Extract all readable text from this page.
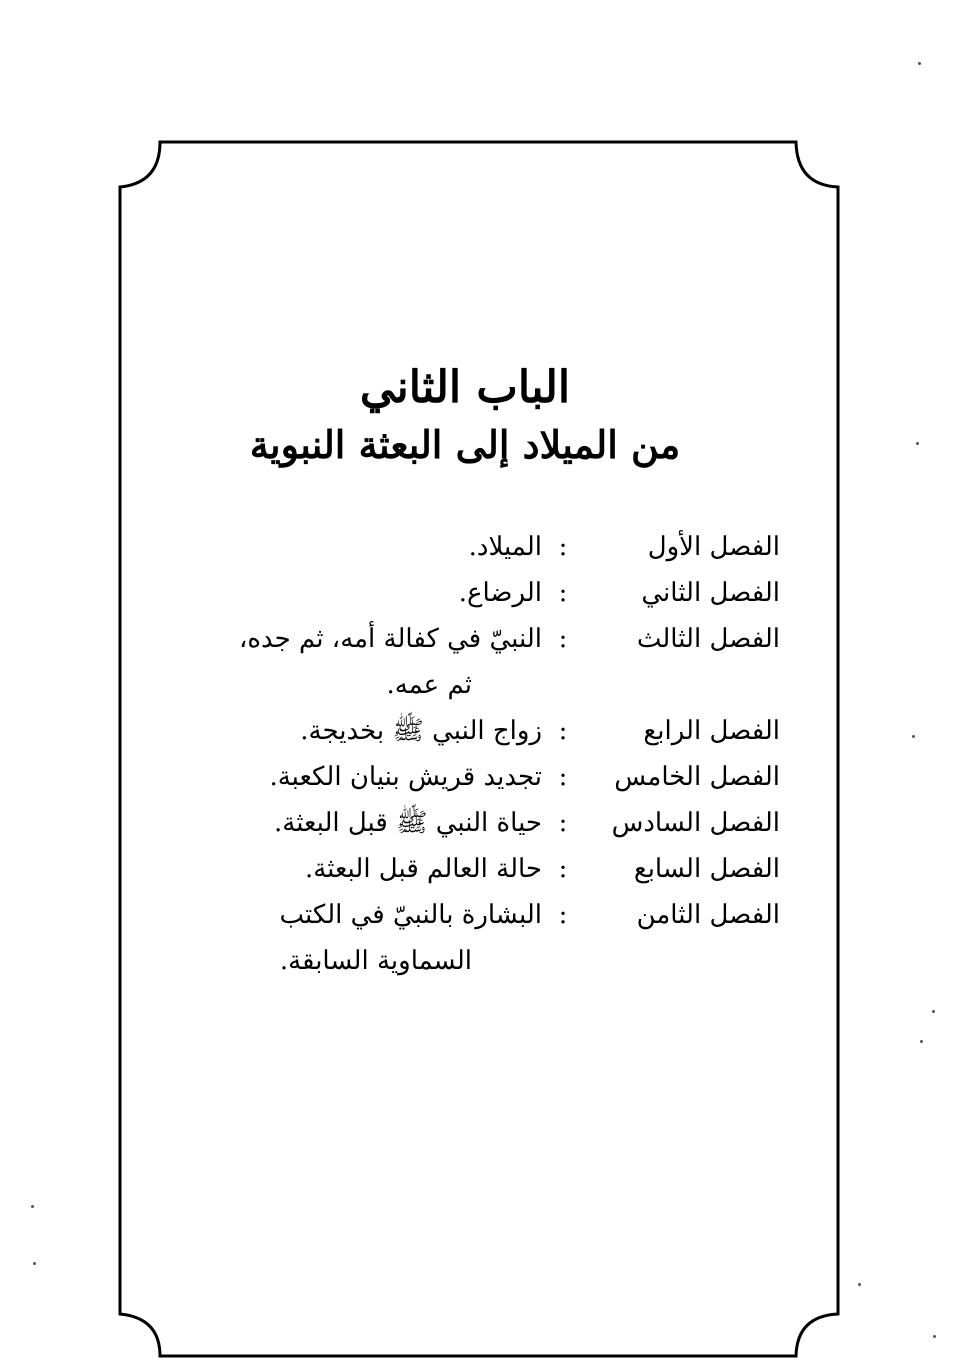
الباب الثاني
من الميلاد إلى البعثة النبوية
الفصل الأول
:
الميلاد.
الفصل الثاني
:
الرضاع.
الفصل الثالث
:
النبيّ في كفالة أمه، ثم جده،
ثم عمه.
الفصل الرابع
:
زواج النبي ﷺ بخديجة.
الفصل الخامس
:
تجديد قريش بنيان الكعبة.
الفصل السادس
:
حياة النبي ﷺ قبل البعثة.
الفصل السابع
:
حالة العالم قبل البعثة.
الفصل الثامن
:
البشارة بالنبيّ في الكتب
السماوية السابقة.
